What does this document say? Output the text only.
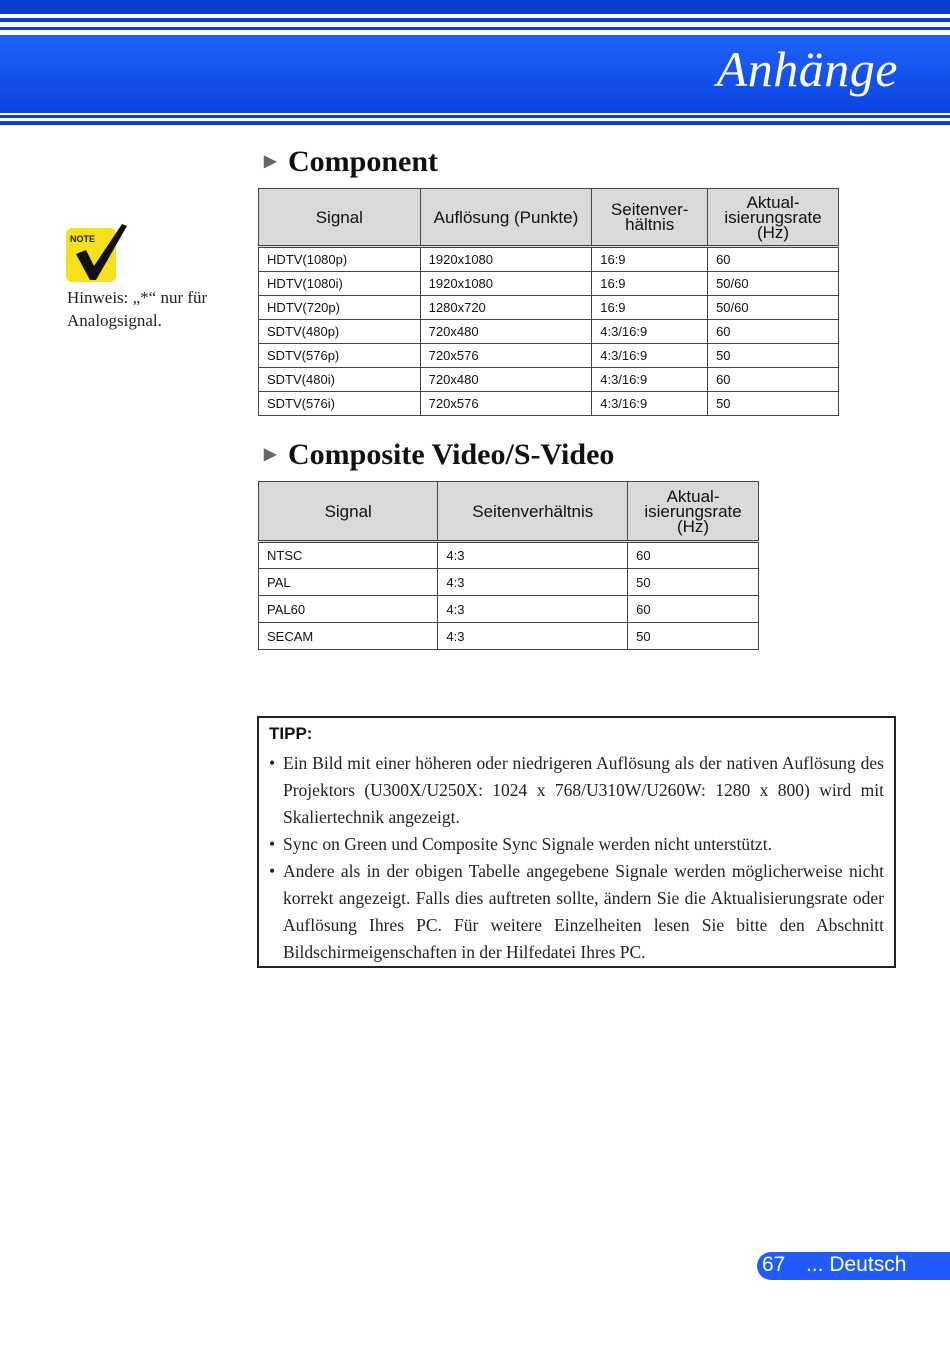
Anhänge
NOTE
Hinweis: „*“ nur für Analogsignal.
▶ Component
Signal	Auflösung (Punkte)	Seitenver-hältnis	Aktual-isierungsrate (Hz)
HDTV(1080p)	1920x1080	16:9	60
HDTV(1080i)	1920x1080	16:9	50/60
HDTV(720p)	1280x720	16:9	50/60
SDTV(480p)	720x480	4:3/16:9	60
SDTV(576p)	720x576	4:3/16:9	50
SDTV(480i)	720x480	4:3/16:9	60
SDTV(576i)	720x576	4:3/16:9	50
▶ Composite Video/S-Video
Signal	Seitenverhältnis	Aktual-isierungsrate (Hz)
NTSC	4:3	60
PAL	4:3	50
PAL60	4:3	60
SECAM	4:3	50
TIPP:
• Ein Bild mit einer höheren oder niedrigeren Auflösung als der nativen Auflösung des Projektors (U300X/U250X: 1024 x 768/U310W/U260W: 1280 x 800) wird mit Skaliertechnik angezeigt.
• Sync on Green und Composite Sync Signale werden nicht unterstützt.
• Andere als in der obigen Tabelle angegebene Signale werden möglicherweise nicht korrekt angezeigt. Falls dies auftreten sollte, ändern Sie die Aktualisierungsrate oder Auflösung Ihres PC. Für weitere Einzelheiten lesen Sie bitte den Abschnitt Bildschirmeigenschaften in der Hilfedatei Ihres PC.
67 ... Deutsch
